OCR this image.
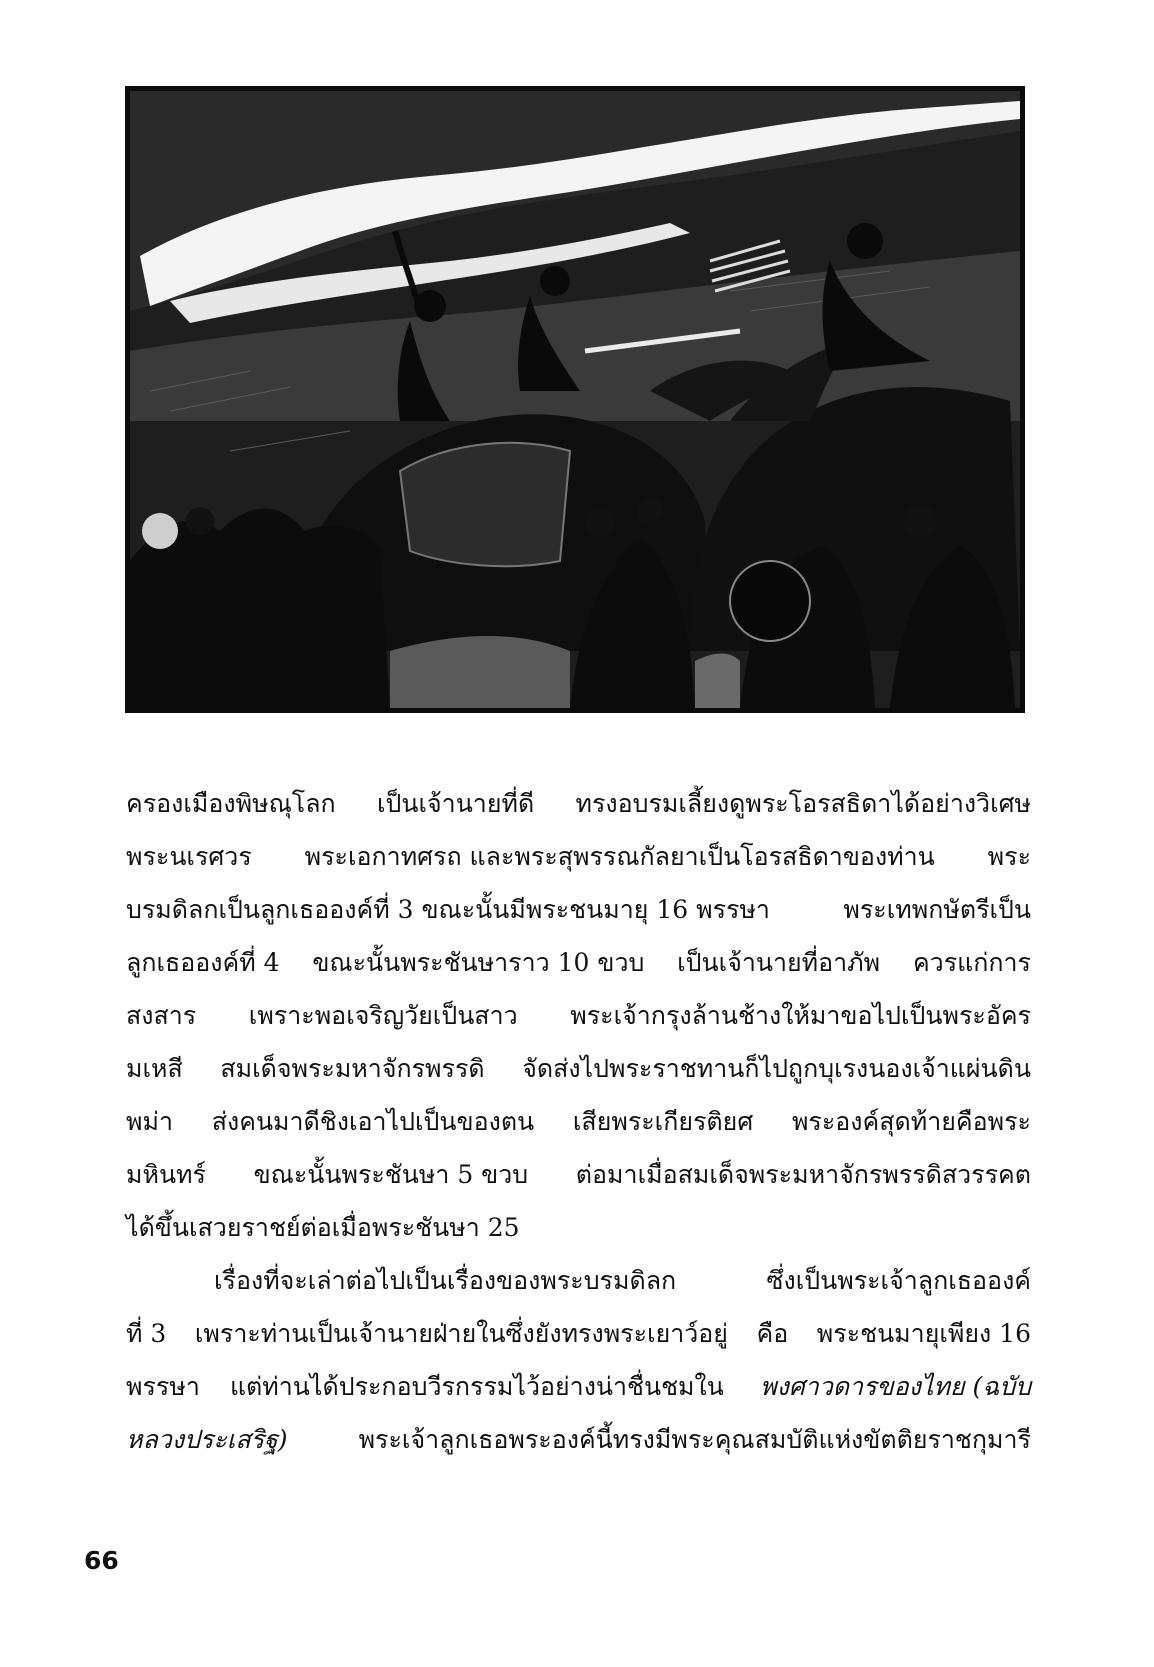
ครองเมืองพิษณุโลก เป็นเจ้านายที่ดี ทรงอบรมเลี้ยงดูพระโอรสธิดาได้อย่างวิเศษ
พระนเรศวร พระเอกาทศรถ และพระสุพรรณกัลยาเป็นโอรสธิดาของท่าน พระ
บรมดิลกเป็นลูกเธอองค์ที่ 3 ขณะนั้นมีพระชนมายุ 16 พรรษา	พระเทพกษัตรีเป็น
ลูกเธอองค์ที่ 4 ขณะนั้นพระชันษาราว 10 ขวบ เป็นเจ้านายที่อาภัพ ควรแก่การ
สงสาร เพราะพอเจริญวัยเป็นสาว พระเจ้ากรุงล้านช้างให้มาขอไปเป็นพระอัคร
มเหสี สมเด็จพระมหาจักรพรรดิ จัดส่งไปพระราชทานก็ไปถูกบุเรงนองเจ้าแผ่นดิน
พม่า ส่งคนมาดีชิงเอาไปเป็นของตน เสียพระเกียรติยศ พระองค์สุดท้ายคือพระ
มหินทร์ ขณะนั้นพระชันษา 5 ขวบ ต่อมาเมื่อสมเด็จพระมหาจักรพรรดิสวรรคต
ได้ขึ้นเสวยราชย์ต่อเมื่อพระชันษา 25
เรื่องที่จะเล่าต่อไปเป็นเรื่องของพระบรมดิลก	ซึ่งเป็นพระเจ้าลูกเธอองค์
ที่ 3 เพราะท่านเป็นเจ้านายฝ่ายในซึ่งยังทรงพระเยาว์อยู่ คือ พระชนมายุเพียง 16
พรรษา แต่ท่านได้ประกอบวีรกรรมไว้อย่างน่าชื่นชมใน พงศาวดารของไทย (ฉบับ
หลวงประเสริฐ)	พระเจ้าลูกเธอพระองค์นี้ทรงมีพระคุณสมบัติแห่งขัตติยราชกุมารี
66
